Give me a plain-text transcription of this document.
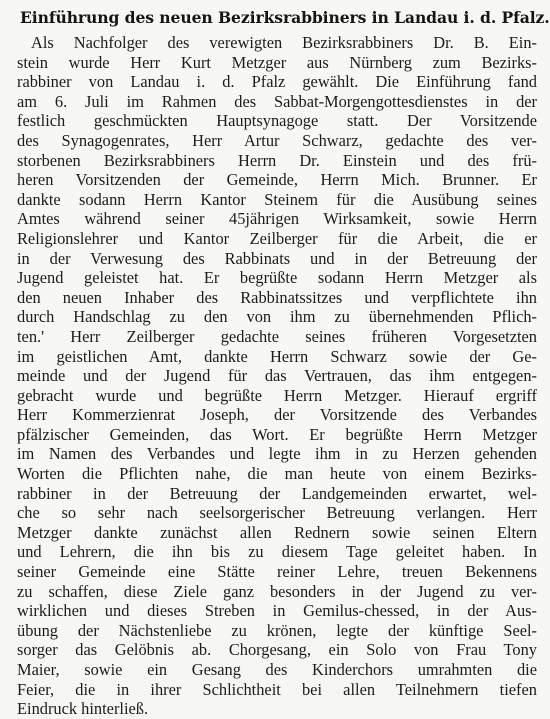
Einführung des neuen Bezirksrabbiners in Landau i. d. Pfalz.
Als Nachfolger des verewigten Bezirksrabbiners Dr. B. Ein-
stein wurde Herr Kurt Metzger aus Nürnberg zum Bezirks-
rabbiner von Landau i. d. Pfalz gewählt. Die Einführung fand
am 6. Juli im Rahmen des Sabbat-Morgengottesdienstes in der
festlich geschmückten Hauptsynagoge statt. Der Vorsitzende
des Synagogenrates, Herr Artur Schwarz, gedachte des ver-
storbenen Bezirksrabbiners Herrn Dr. Einstein und des frü-
heren Vorsitzenden der Gemeinde, Herrn Mich. Brunner. Er
dankte sodann Herrn Kantor Steinem für die Ausübung seines
Amtes während seiner 45jährigen Wirksamkeit, sowie Herrn
Religionslehrer und Kantor Zeilberger für die Arbeit, die er
in der Verwesung des Rabbinats und in der Betreuung der
Jugend geleistet hat. Er begrüßte sodann Herrn Metzger als
den neuen Inhaber des Rabbinatssitzes und verpflichtete ihn
durch Handschlag zu den von ihm zu übernehmenden Pflich-
ten.' Herr Zeilberger gedachte seines früheren Vorgesetzten
im geistlichen Amt, dankte Herrn Schwarz sowie der Ge-
meinde und der Jugend für das Vertrauen, das ihm entgegen-
gebracht wurde und begrüßte Herrn Metzger. Hierauf ergriff
Herr Kommerzienrat Joseph, der Vorsitzende des Verbandes
pfälzischer Gemeinden, das Wort. Er begrüßte Herrn Metzger
im Namen des Verbandes und legte ihm in zu Herzen gehenden
Worten die Pflichten nahe, die man heute von einem Bezirks-
rabbiner in der Betreuung der Landgemeinden erwartet, wel-
che so sehr nach seelsorgerischer Betreuung verlangen. Herr
Metzger dankte zunächst allen Rednern sowie seinen Eltern
und Lehrern, die ihn bis zu diesem Tage geleitet haben. In
seiner Gemeinde eine Stätte reiner Lehre, treuen Bekennens
zu schaffen, diese Ziele ganz besonders in der Jugend zu ver-
wirklichen und dieses Streben in Gemilus-chessed, in der Aus-
übung der Nächstenliebe zu krönen, legte der künftige Seel-
sorger das Gelöbnis ab. Chorgesang, ein Solo von Frau Tony
Maier, sowie ein Gesang des Kinderchors umrahmten die
Feier, die in ihrer Schlichtheit bei allen Teilnehmern tiefen
Eindruck hinterließ.
